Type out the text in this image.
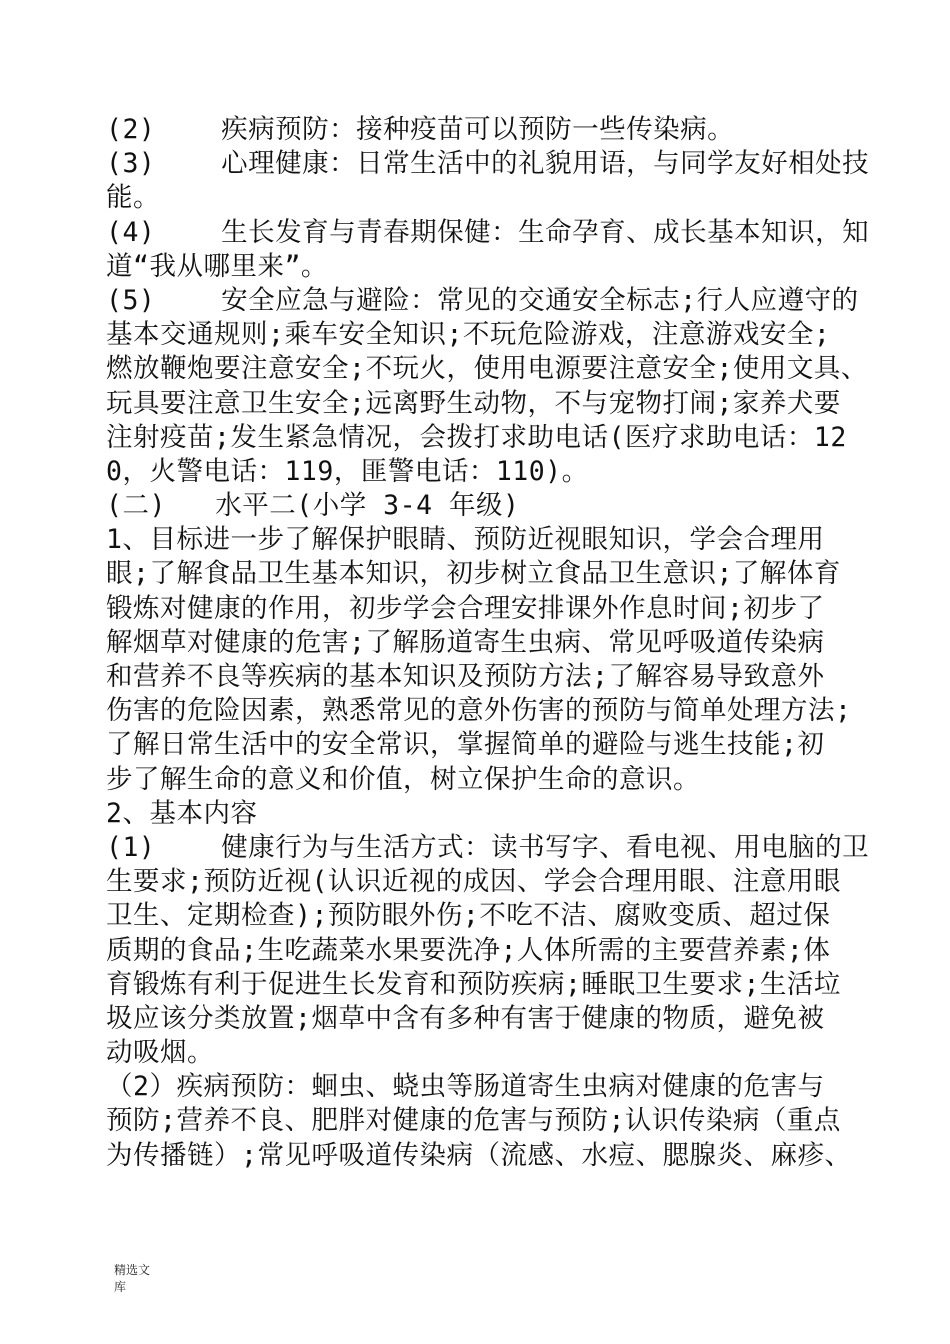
(2)    疾病预防：接种疫苗可以预防一些传染病。
(3)    心理健康：日常生活中的礼貌用语，与同学友好相处技
能。
(4)    生长发育与青春期保健：生命孕育、成长基本知识，知
道“我从哪里来”。
(5)    安全应急与避险：常见的交通安全标志;行人应遵守的
基本交通规则;乘车安全知识;不玩危险游戏，注意游戏安全;
燃放鞭炮要注意安全;不玩火，使用电源要注意安全;使用文具、
玩具要注意卫生安全;远离野生动物，不与宠物打闹;家养犬要
注射疫苗;发生紧急情况，会拨打求助电话(医疗求助电话：12
0，火警电话：119，匪警电话：110)。
(二)   水平二(小学 3-4 年级)
1、目标进一步了解保护眼睛、预防近视眼知识，学会合理用
眼;了解食品卫生基本知识，初步树立食品卫生意识;了解体育
锻炼对健康的作用，初步学会合理安排课外作息时间;初步了
解烟草对健康的危害;了解肠道寄生虫病、常见呼吸道传染病
和营养不良等疾病的基本知识及预防方法;了解容易导致意外
伤害的危险因素，熟悉常见的意外伤害的预防与简单处理方法;
了解日常生活中的安全常识，掌握简单的避险与逃生技能;初
步了解生命的意义和价值，树立保护生命的意识。
2、基本内容
(1)    健康行为与生活方式：读书写字、看电视、用电脑的卫
生要求;预防近视(认识近视的成因、学会合理用眼、注意用眼
卫生、定期检查);预防眼外伤;不吃不洁、腐败变质、超过保
质期的食品;生吃蔬菜水果要洗净;人体所需的主要营养素;体
育锻炼有利于促进生长发育和预防疾病;睡眠卫生要求;生活垃
圾应该分类放置;烟草中含有多种有害于健康的物质，避免被
动吸烟。
（2）疾病预防：蛔虫、蛲虫等肠道寄生虫病对健康的危害与
预防;营养不良、肥胖对健康的危害与预防;认识传染病（重点
为传播链）;常见呼吸道传染病（流感、水痘、腮腺炎、麻疹、
精选文
库
